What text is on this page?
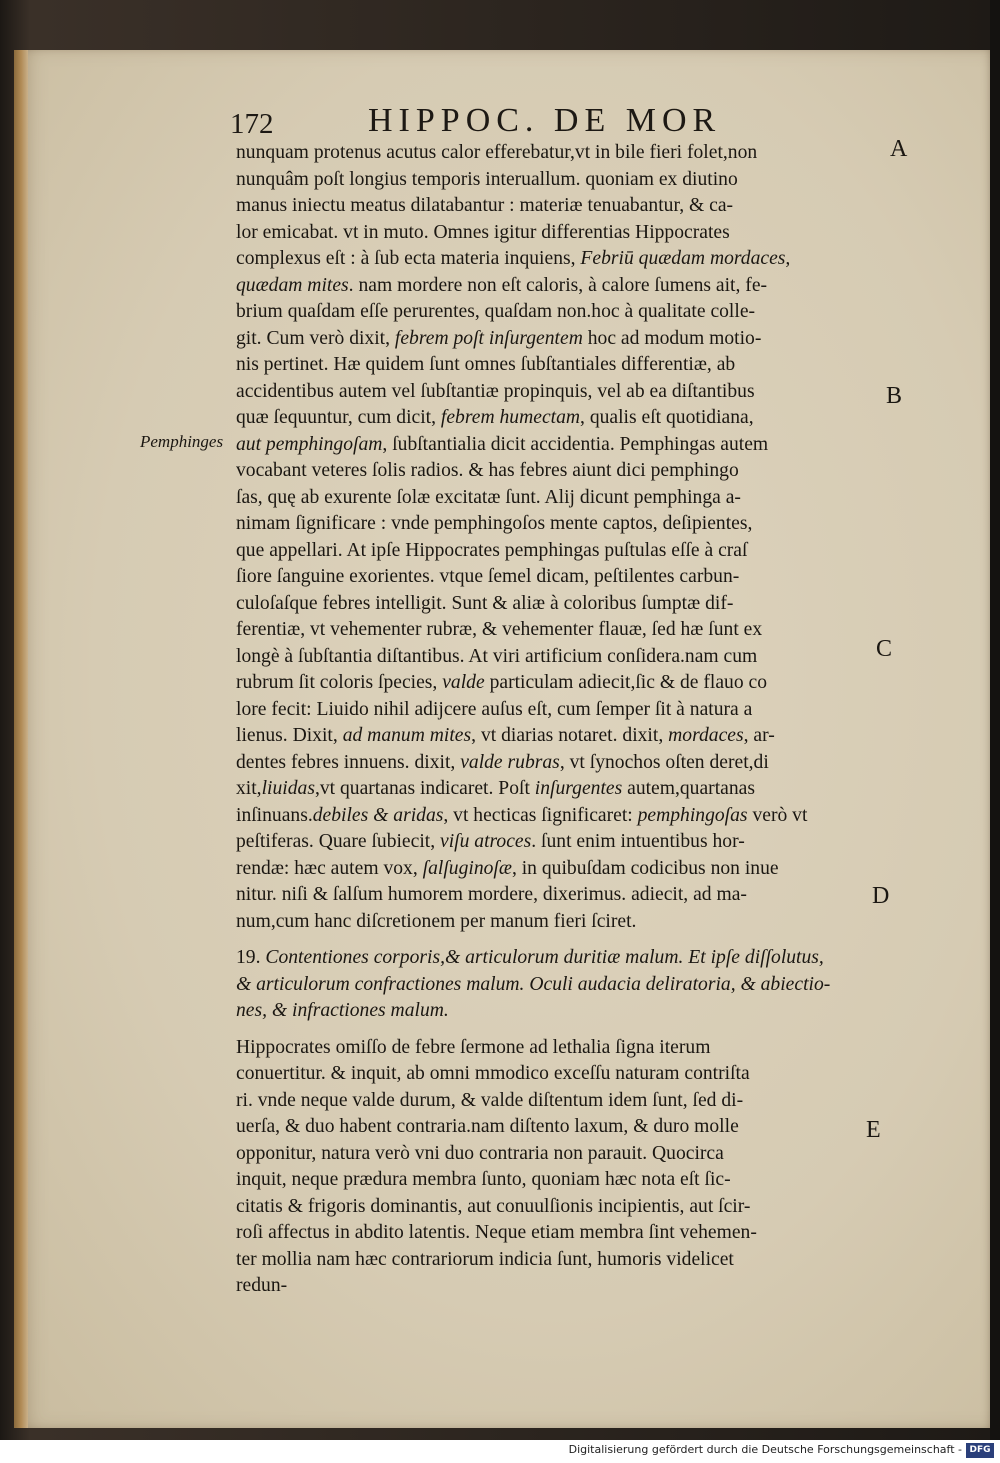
172	HIPPOC. DE MOR
Pemphinges
A
B
C
D
E
nunquam protenus acutus calor efferebatur,vt in bile fieri folet,non
nunquâm poſt longius temporis interuallum. quoniam ex diutino
manus iniectu meatus dilatabantur : materiæ tenuabantur, & ca-
lor emicabat. vt in muto. Omnes igitur differentias Hippocrates
complexus eſt : à ſub ecta materia inquiens, Febriū quædam mordaces,
quædam mites. nam mordere non eſt caloris, à calore ſumens ait, fe-
brium quaſdam eſſe perurentes, quaſdam non.hoc à qualitate colle-
git. Cum verò dixit, febrem poſt inſurgentem hoc ad modum motio-
nis pertinet. Hæ quidem ſunt omnes ſubſtantiales differentiæ, ab
accidentibus autem vel ſubſtantiæ propinquis, vel ab ea diſtantibus
quæ ſequuntur, cum dicit, febrem humectam, qualis eſt quotidiana,
aut pemphingoſam, ſubſtantialia dicit accidentia. Pemphingas autem
vocabant veteres ſolis radios. & has febres aiunt dici pemphingo
ſas, quę ab exurente ſolæ excitatæ ſunt. Alij dicunt pemphinga a-
nimam ſignificare : vnde pemphingoſos mente captos, deſipientes,
que appellari. At ipſe Hippocrates pemphingas puſtulas eſſe à craſ
ſiore ſanguine exorientes. vtque ſemel dicam, peſtilentes carbun-
culoſaſque febres intelligit. Sunt & aliæ à coloribus ſumptæ dif-
ferentiæ, vt vehementer rubræ, & vehementer flauæ, ſed hæ ſunt ex
longè à ſubſtantia diſtantibus. At viri artificium conſidera.nam cum
rubrum ſit coloris ſpecies, valde particulam adiecit,ſic & de flauo co
lore fecit: Liuido nihil adijcere auſus eſt, cum ſemper ſit à natura a
lienus. Dixit, ad manum mites, vt diarias notaret. dixit, mordaces, ar-
dentes febres innuens. dixit, valde rubras, vt ſynochos oſten deret,di
xit,liuidas,vt quartanas indicaret. Poſt inſurgentes autem,quartanas
inſinuans.debiles & aridas, vt hecticas ſignificaret: pemphingoſas verò vt
peſtiferas. Quare ſubiecit, viſu atroces. ſunt enim intuentibus hor-
rendæ: hæc autem vox, ſalſuginoſæ, in quibuſdam codicibus non inue
nitur. niſi & ſalſum humorem mordere, dixerimus. adiecit, ad ma-
num,cum hanc diſcretionem per manum fieri ſciret.
19. Contentiones corporis,& articulorum duritiæ malum. Et ipſe diſſolutus,
& articulorum confractiones malum. Oculi audacia deliratoria, & abiectio-
nes, & infractiones malum.
Hippocrates omiſſo de febre ſermone ad lethalia ſigna iterum
conuertitur. & inquit, ab omni mmodico exceſſu naturam contriſta
ri. vnde neque valde durum, & valde diſtentum idem ſunt, ſed di-
uerſa, & duo habent contraria.nam diſtento laxum, & duro molle
opponitur, natura verò vni duo contraria non parauit. Quocirca
inquit, neque prædura membra ſunto, quoniam hæc nota eſt ſic-
citatis & frigoris dominantis, aut conuulſionis incipientis, aut ſcir-
roſi affectus in abdito latentis. Neque etiam membra ſint vehemen-
ter mollia nam hæc contrariorum indicia ſunt, humoris videlicet
redun-
Digitalisierung gefördert durch die Deutsche Forschungsgemeinschaft - DFG
